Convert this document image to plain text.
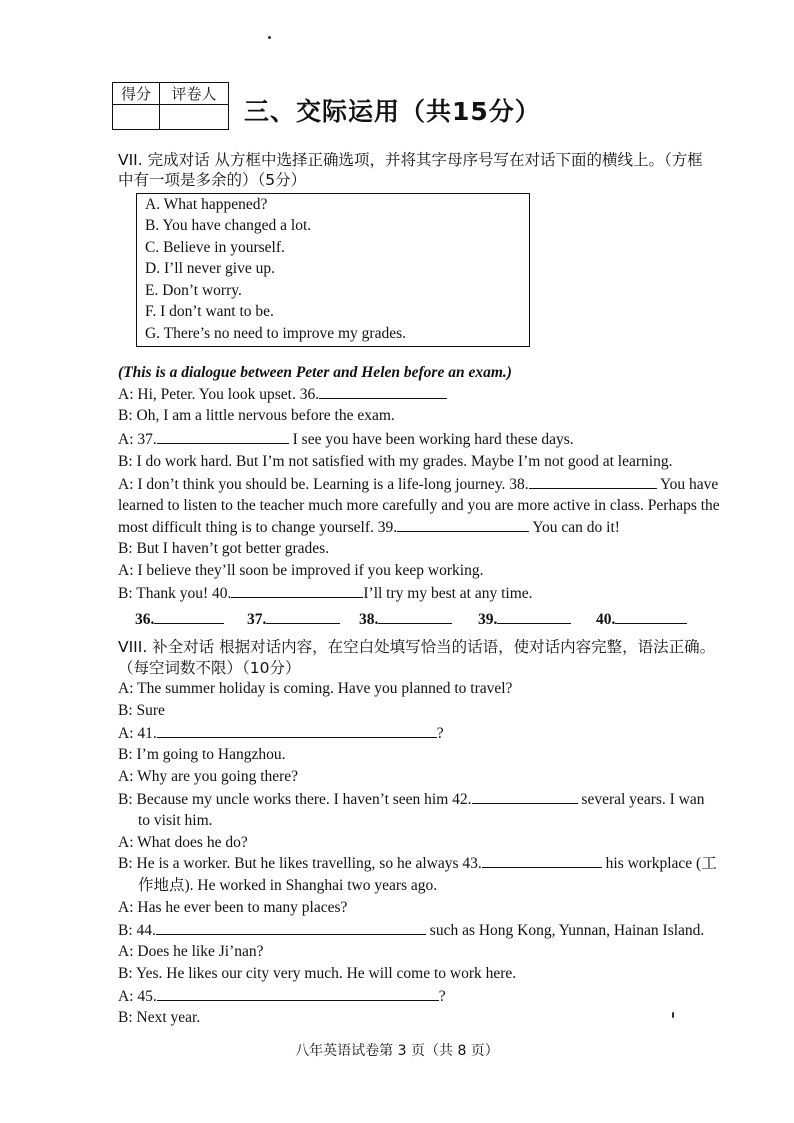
得分	评卷人

三、交际运用（共15分）
VII. 完成对话 从方框中选择正确选项，并将其字母序号写在对话下面的横线上。（方框
中有一项是多余的）（5分）
A. What happened?
B. You have changed a lot.
C. Believe in yourself.
D. I’ll never give up.
E. Don’t worry.
F. I don’t want to be.
G. There’s no need to improve my grades.
(This is a dialogue between Peter and Helen before an exam.)
A: Hi, Peter. You look upset. 36.
B: Oh, I am a little nervous before the exam.
A: 37.	I see you have been working hard these days.
B: I do work hard. But I’m not satisfied with my grades. Maybe I’m not good at learning.
A: I don’t think you should be. Learning is a life-long journey. 38.	You have
learned to listen to the teacher much more carefully and you are more active in class. Perhaps the
most difficult thing is to change yourself. 39.	You can do it!
B: But I haven’t got better grades.
A: I believe they’ll soon be improved if you keep working.
B: Thank you! 40.	I’ll try my best at any time.
36.	37.	38.	39.	40.
VIII. 补全对话 根据对话内容，在空白处填写恰当的话语，使对话内容完整，语法正确。
（每空词数不限）（10分）
A: The summer holiday is coming. Have you planned to travel?
B: Sure
A: 41.	?
B: I’m going to Hangzhou.
A: Why are you going there?
B: Because my uncle works there. I haven’t seen him 42.	several years. I wan
to visit him.
A: What does he do?
B: He is a worker. But he likes travelling, so he always 43.	his workplace (工
作地点). He worked in Shanghai two years ago.
A: Has he ever been to many places?
B: 44.	such as Hong Kong, Yunnan, Hainan Island.
A: Does he like Ji’nan?
B: Yes. He likes our city very much. He will come to work here.
A: 45.	?
B: Next year.
八年英语试卷第 3 页（共 8 页）
